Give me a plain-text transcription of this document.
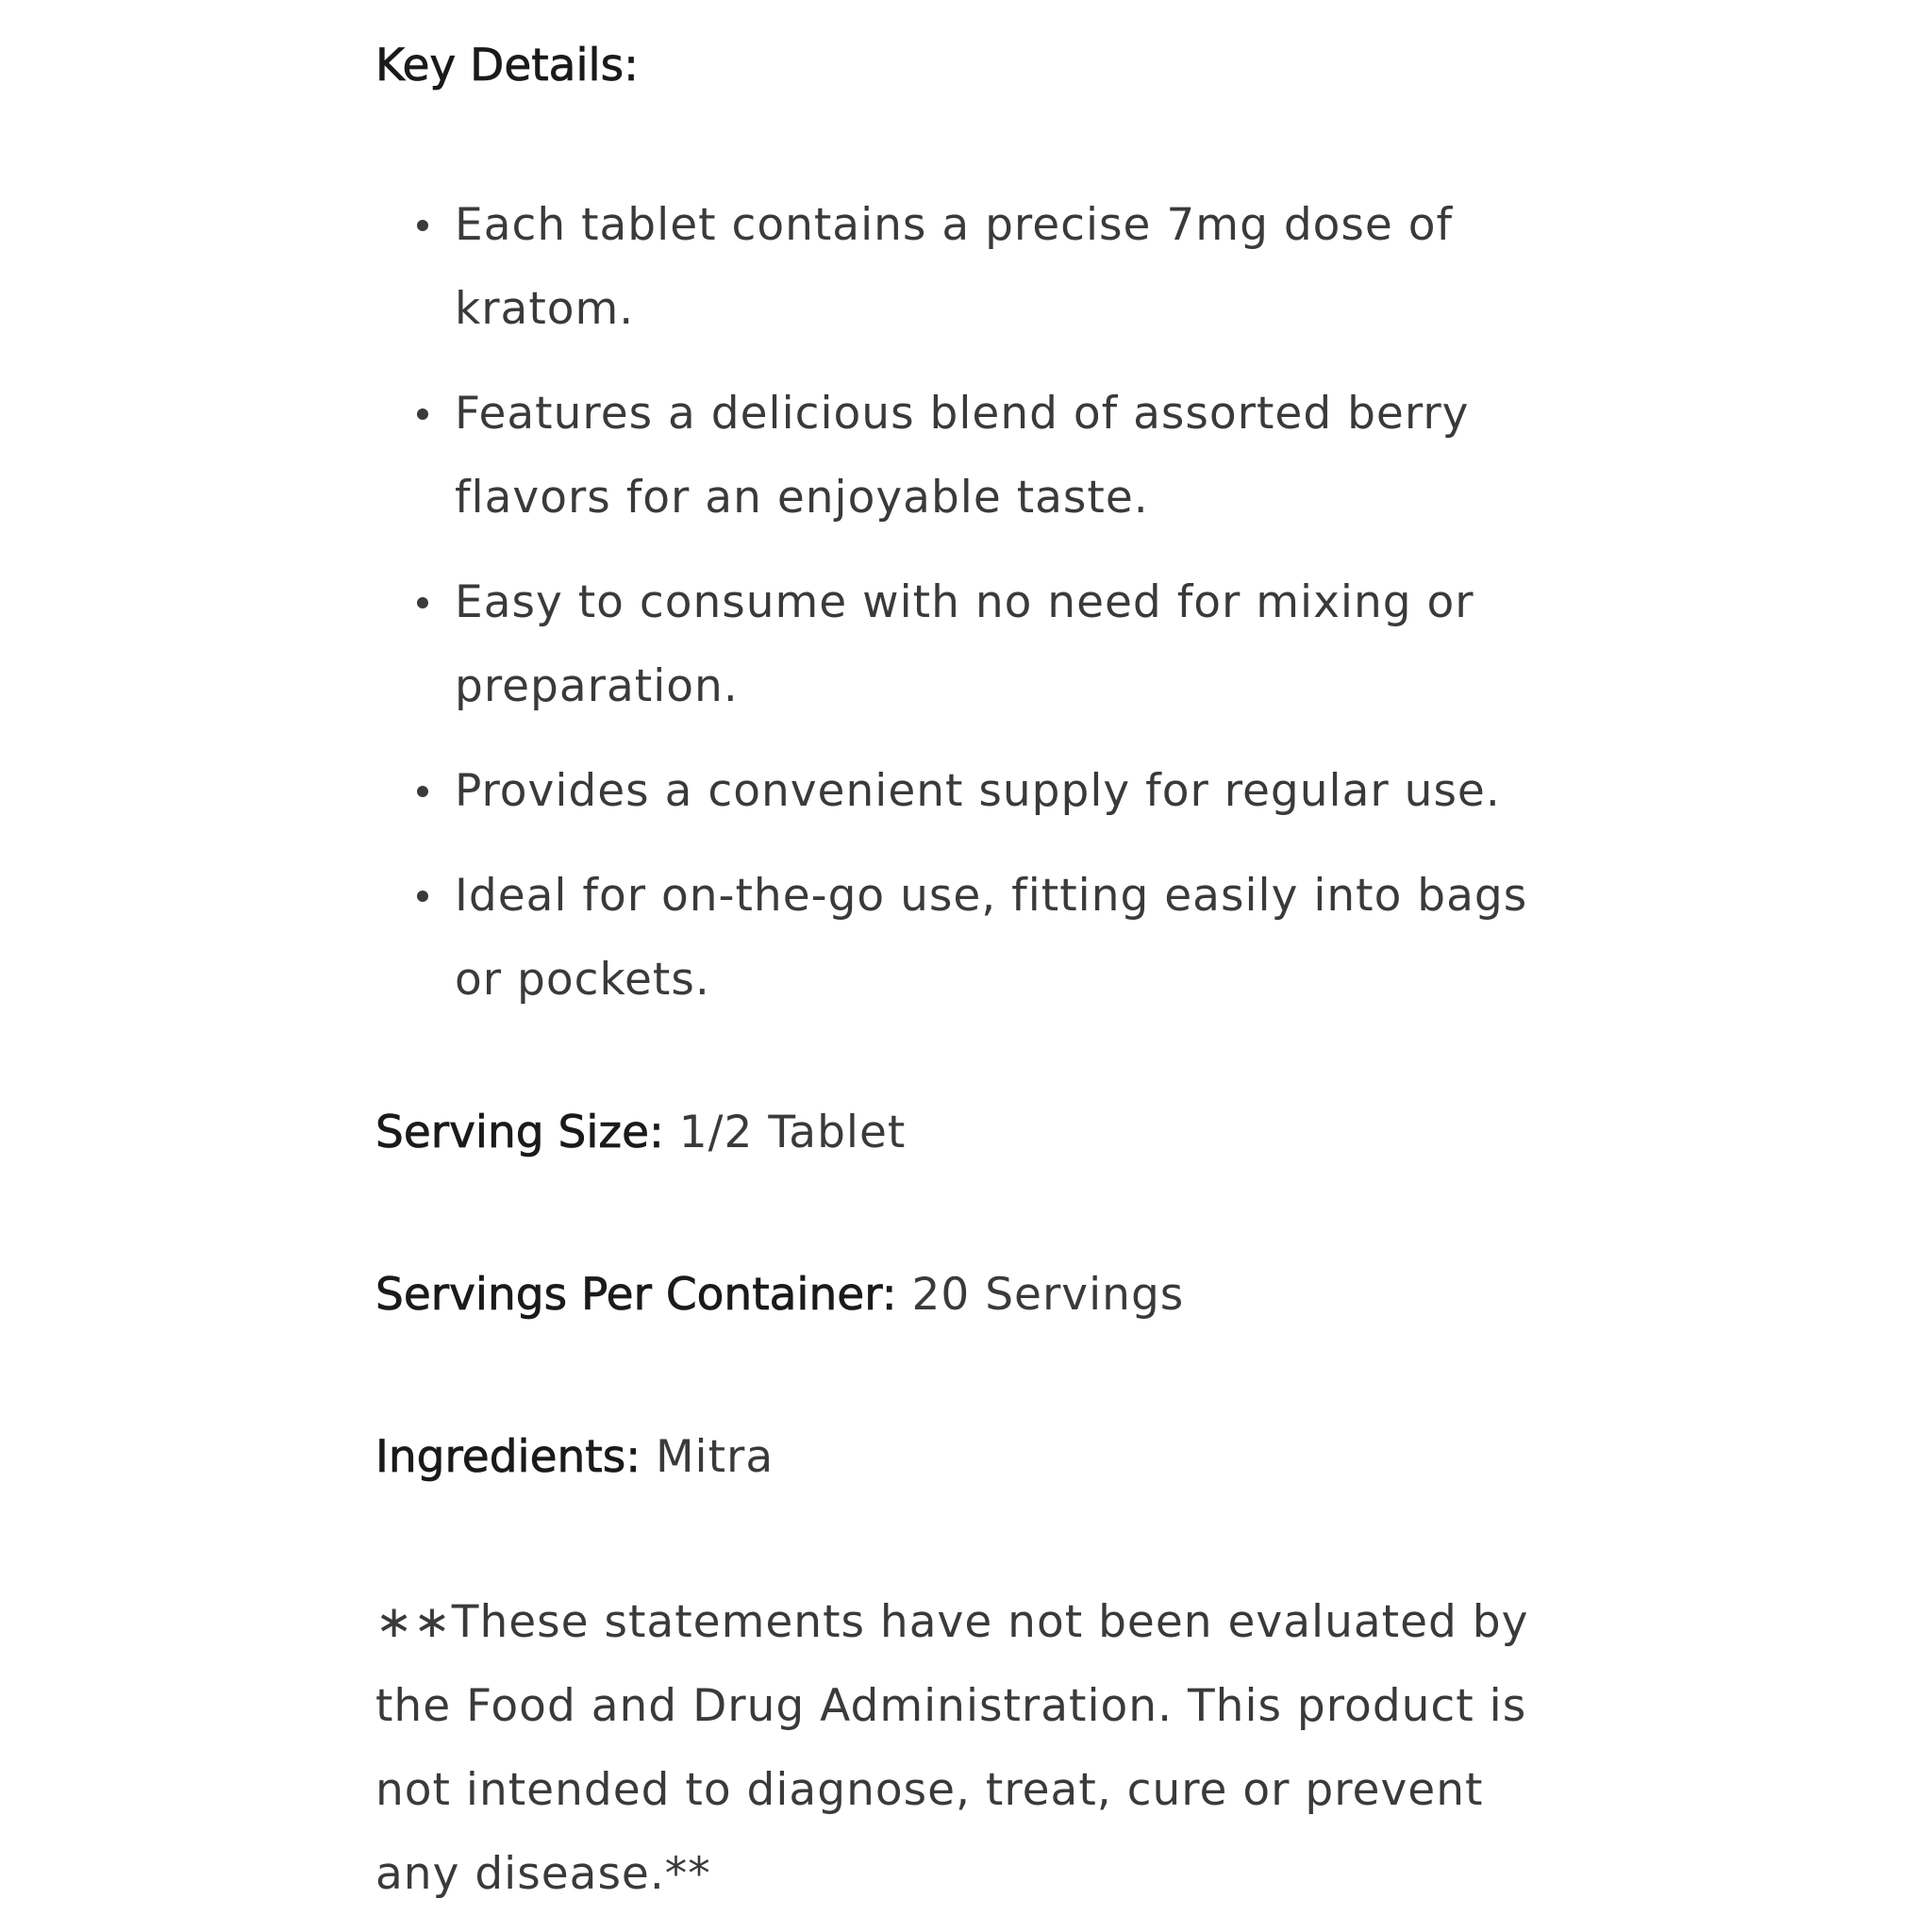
Key Details:
Each tablet contains a precise 7mg dose of kratom.
Features a delicious blend of assorted berry flavors for an enjoyable taste.
Easy to consume with no need for mixing or preparation.
Provides a convenient supply for regular use.
Ideal for on-the-go use, fitting easily into bags or pockets.

Serving Size: 1/2 Tablet

Servings Per Container: 20 Servings

Ingredients: Mitra

∗∗These statements have not been evaluated by the Food and Drug Administration. This product is not intended to diagnose, treat, cure or prevent any disease.**
